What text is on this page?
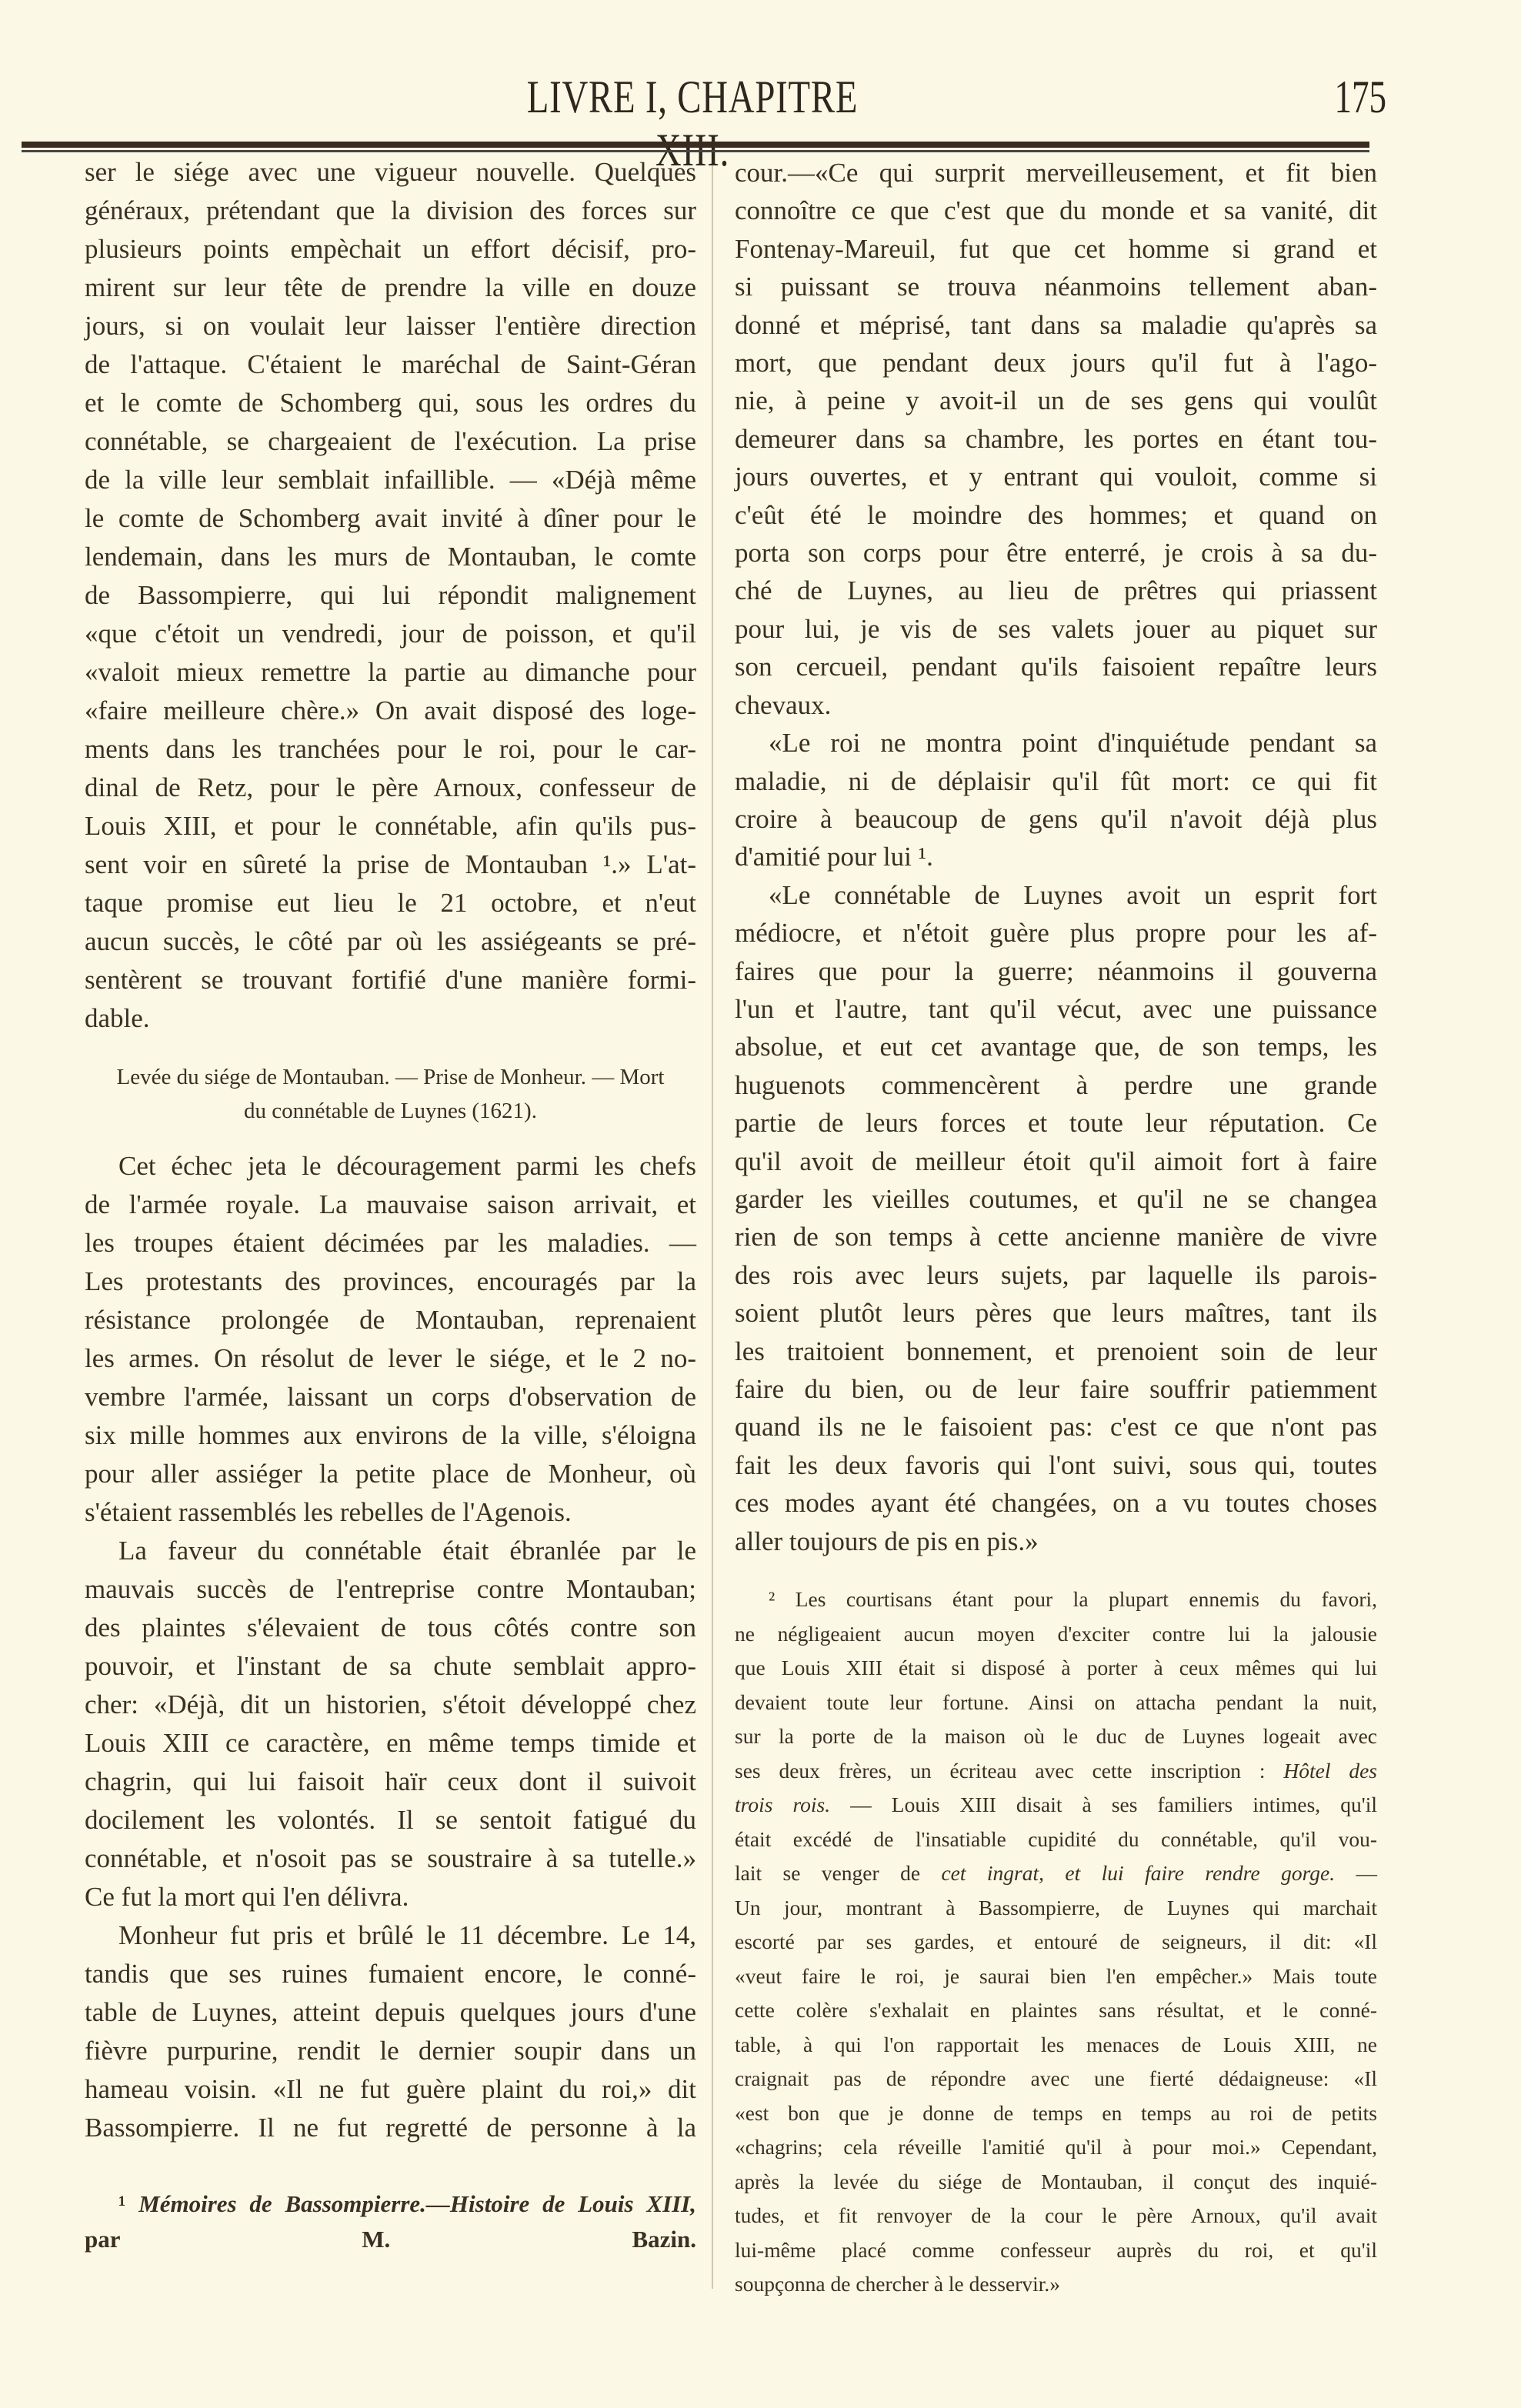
LIVRE I, CHAPITRE	175
ser le siége avec une vigueur nouvelle. Quelques
généraux, prétendant que la division des forces sur
plusieurs points empèchait un effort décisif, pro-
mirent sur leur tête de prendre la ville en douze
jours, si on voulait leur laisser l'entière direction
de l'attaque. C'étaient le maréchal de Saint-Géran
et le comte de Schomberg qui, sous les ordres du
connétable, se chargeaient de l'exécution. La prise
de la ville leur semblait infaillible. — «Déjà même
le comte de Schomberg avait invité à dîner pour le
lendemain, dans les murs de Montauban, le comte
de Bassompierre, qui lui répondit malignement
«que c'étoit un vendredi, jour de poisson, et qu'il
«valoit mieux remettre la partie au dimanche pour
«faire meilleure chère.» On avait disposé des loge-
ments dans les tranchées pour le roi, pour le car-
dinal de Retz, pour le père Arnoux, confesseur de
Louis XIII, et pour le connétable, afin qu'ils pus-
sent voir en sûreté la prise de Montauban ¹.» L'at-
taque promise eut lieu le 21 octobre, et n'eut
aucun succès, le côté par où les assiégeants se pré-
sentèrent se trouvant fortifié d'une manière formi-
dable.
Levée du siége de Montauban. — Prise de Monheur. — Mort
du connétable de Luynes (1621).
Cet échec jeta le découragement parmi les chefs
de l'armée royale. La mauvaise saison arrivait, et
les troupes étaient décimées par les maladies. —
Les protestants des provinces, encouragés par la
résistance prolongée de Montauban, reprenaient
les armes. On résolut de lever le siége, et le 2 no-
vembre l'armée, laissant un corps d'observation de
six mille hommes aux environs de la ville, s'éloigna
pour aller assiéger la petite place de Monheur, où
s'étaient rassemblés les rebelles de l'Agenois.
La faveur du connétable était ébranlée par le
mauvais succès de l'entreprise contre Montauban;
des plaintes s'élevaient de tous côtés contre son
pouvoir, et l'instant de sa chute semblait appro-
cher: «Déjà, dit un historien, s'étoit développé chez
Louis XIII ce caractère, en même temps timide et
chagrin, qui lui faisoit haïr ceux dont il suivoit
docilement les volontés. Il se sentoit fatigué du
connétable, et n'osoit pas se soustraire à sa tutelle.»
Ce fut la mort qui l'en délivra.
Monheur fut pris et brûlé le 11 décembre. Le 14,
tandis que ses ruines fumaient encore, le conné-
table de Luynes, atteint depuis quelques jours d'une
fièvre purpurine, rendit le dernier soupir dans un
hameau voisin. «Il ne fut guère plaint du roi,» dit
Bassompierre. Il ne fut regretté de personne à la
¹ Mémoires de Bassompierre.—Histoire de Louis XIII,
par M. Bazin.
cour.—«Ce qui surprit merveilleusement, et fit bien
connoître ce que c'est que du monde et sa vanité, dit
Fontenay-Mareuil, fut que cet homme si grand et
si puissant se trouva néanmoins tellement aban-
donné et méprisé, tant dans sa maladie qu'après sa
mort, que pendant deux jours qu'il fut à l'ago-
nie, à peine y avoit-il un de ses gens qui voulût
demeurer dans sa chambre, les portes en étant tou-
jours ouvertes, et y entrant qui vouloit, comme si
c'eût été le moindre des hommes; et quand on
porta son corps pour être enterré, je crois à sa du-
ché de Luynes, au lieu de prêtres qui priassent
pour lui, je vis de ses valets jouer au piquet sur
son cercueil, pendant qu'ils faisoient repaître leurs
chevaux.
«Le roi ne montra point d'inquiétude pendant sa
maladie, ni de déplaisir qu'il fût mort: ce qui fit
croire à beaucoup de gens qu'il n'avoit déjà plus
d'amitié pour lui ¹.
«Le connétable de Luynes avoit un esprit fort
médiocre, et n'étoit guère plus propre pour les af-
faires que pour la guerre; néanmoins il gouverna
l'un et l'autre, tant qu'il vécut, avec une puissance
absolue, et eut cet avantage que, de son temps, les
huguenots commencèrent à perdre une grande
partie de leurs forces et toute leur réputation. Ce
qu'il avoit de meilleur étoit qu'il aimoit fort à faire
garder les vieilles coutumes, et qu'il ne se changea
rien de son temps à cette ancienne manière de vivre
des rois avec leurs sujets, par laquelle ils parois-
soient plutôt leurs pères que leurs maîtres, tant ils
les traitoient bonnement, et prenoient soin de leur
faire du bien, ou de leur faire souffrir patiemment
quand ils ne le faisoient pas: c'est ce que n'ont pas
fait les deux favoris qui l'ont suivi, sous qui, toutes
ces modes ayant été changées, on a vu toutes choses
aller toujours de pis en pis.»
² Les courtisans étant pour la plupart ennemis du favori,
ne négligeaient aucun moyen d'exciter contre lui la jalousie
que Louis XIII était si disposé à porter à ceux mêmes qui lui
devaient toute leur fortune. Ainsi on attacha pendant la nuit,
sur la porte de la maison où le duc de Luynes logeait avec
ses deux frères, un écriteau avec cette inscription : Hôtel des
trois rois. — Louis XIII disait à ses familiers intimes, qu'il
était excédé de l'insatiable cupidité du connétable, qu'il vou-
lait se venger de cet ingrat, et lui faire rendre gorge. —
Un jour, montrant à Bassompierre, de Luynes qui marchait
escorté par ses gardes, et entouré de seigneurs, il dit: «Il
«veut faire le roi, je saurai bien l'en empêcher.» Mais toute
cette colère s'exhalait en plaintes sans résultat, et le conné-
table, à qui l'on rapportait les menaces de Louis XIII, ne
craignait pas de répondre avec une fierté dédaigneuse: «Il
«est bon que je donne de temps en temps au roi de petits
«chagrins; cela réveille l'amitié qu'il à pour moi.» Cependant,
après la levée du siége de Montauban, il conçut des inquié-
tudes, et fit renvoyer de la cour le père Arnoux, qu'il avait
lui-même placé comme confesseur auprès du roi, et qu'il
soupçonna de chercher à le desservir.»
